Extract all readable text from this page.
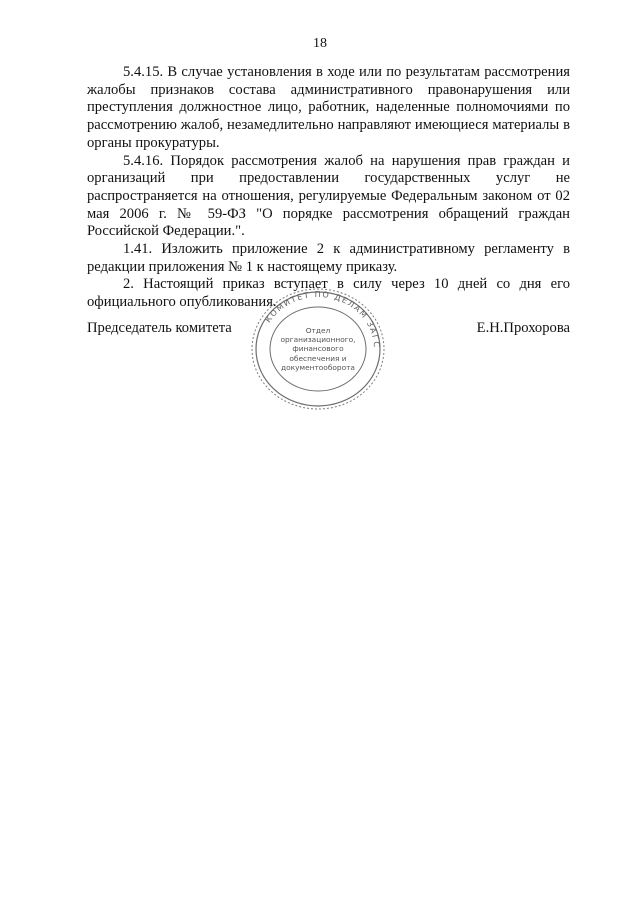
18

5.4.15. В случае установления в ходе или по результатам рассмотрения жалобы признаков состава административного правонарушения или преступления должностное лицо, работник, наделенные полномочиями по рассмотрению жалоб, незамедлительно направляют имеющиеся материалы в органы прокуратуры.

5.4.16. Порядок рассмотрения жалоб на нарушения прав граждан и организаций при предоставлении государственных услуг не распространяется на отношения, регулируемые Федеральным законом от 02 мая 2006 г. № 59-ФЗ "О порядке рассмотрения обращений граждан Российской Федерации.".

1.41. Изложить приложение 2 к административному регламенту в редакции приложения № 1 к настоящему приказу.

2. Настоящий приказ вступает в силу через 10 дней со дня его официального опубликования.

Председатель комитета	Е.Н.Прохорова
КОМИТЕТ ПО ДЕЛАМ ЗАГС
Отдел
организационного,
финансового
обеспечения и
документооборота
